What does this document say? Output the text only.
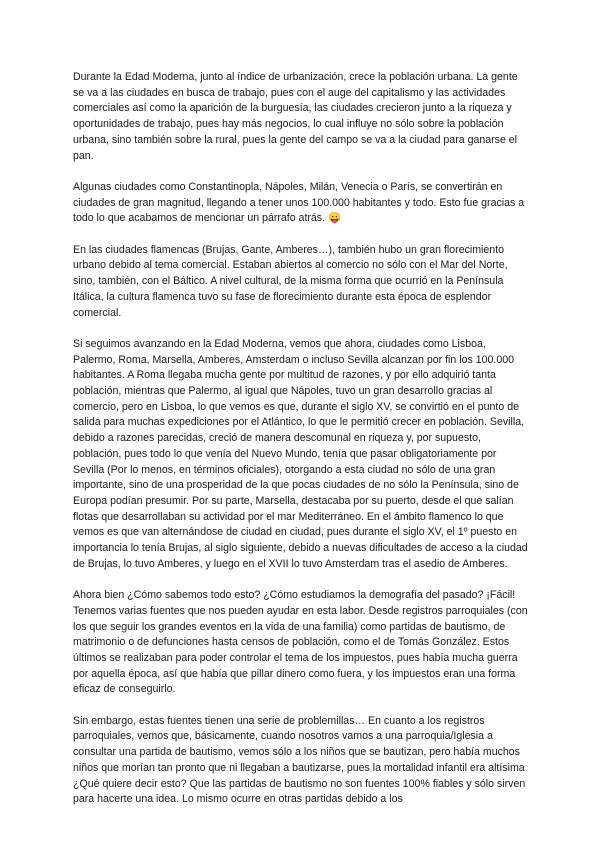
Durante la Edad Moderna, junto al índice de urbanización, crece la población urbana. La gente se va a las ciudades en busca de trabajo, pues con el auge del capitalismo y las actividades comerciales así como la aparición de la burguesía, las ciudades crecieron junto a la riqueza y oportunidades de trabajo, pues hay más negocios, lo cual influye no sólo sobre la población urbana, sino también sobre la rural, pues la gente del campo se va a la ciudad para ganarse el pan.

Algunas ciudades como Constantinopla, Nápoles, Milán, Venecia o París, se convertirán en ciudades de gran magnitud, llegando a tener unos 100.000 habitantes y todo. Esto fue gracias a todo lo que acabamos de mencionar un párrafo atrás. 😛

En las ciudades flamencas (Brujas, Gante, Amberes…), también hubo un gran florecimiento urbano debido al tema comercial. Estaban abiertos al comercio no sólo con el Mar del Norte, sino, también, con el Báltico. A nivel cultural, de la misma forma que ocurrió en la Península Itálica, la cultura flamenca tuvo su fase de florecimiento durante esta época de esplendor comercial.

Si seguimos avanzando en la Edad Moderna, vemos que ahora, ciudades como Lisboa, Palermo, Roma, Marsella, Amberes, Amsterdam o incluso Sevilla alcanzan por fin los 100.000 habitantes. A Roma llegaba mucha gente por multitud de razones, y por ello adquirió tanta población, mientras que Palermo, al igual que Nápoles, tuvo un gran desarrollo gracias al comercio, pero en Lisboa, lo que vemos es que, durante el siglo XV, se convirtió en el punto de salida para muchas expediciones por el Atlántico, lo que le permitió crecer en población. Sevilla, debido a razones parecidas, creció de manera descomunal en riqueza y, por supuesto, población, pues todo lo que venía del Nuevo Mundo, tenía que pasar obligatoriamente por Sevilla (Por lo menos, en términos oficiales), otorgando a esta ciudad no sólo de una gran importante, sino de una prosperidad de la que pocas ciudades de no sólo la Península, sino de Europa podían presumir. Por su parte, Marsella, destacaba por su puerto, desde el que salían flotas que desarrollaban su actividad por el mar Mediterráneo. En el ámbito flamenco lo que vemos es que van alternándose de ciudad en ciudad, pues durante el siglo XV, el 1º puesto en importancia lo tenía Brujas, al siglo siguiente, debido a nuevas dificultades de acceso a la ciudad de Brujas, lo tuvo Amberes, y luego en el XVII lo tuvo Amsterdam tras el asedio de Amberes.

Ahora bien ¿Cómo sabemos todo esto? ¿Cómo estudiamos la demografía del pasado? ¡Fácil! Tenemos varias fuentes que nos pueden ayudar en esta labor. Desde registros parroquiales (con los que seguir los grandes eventos en la vida de una familia) como partidas de bautismo, de matrimonio o de defunciones hasta censos de población, como el de Tomás González. Estos últimos se realizaban para poder controlar el tema de los impuestos, pues había mucha guerra por aquella época, así que había que pillar dinero como fuera, y los impuestos eran una forma eficaz de conseguirlo.

Sin embargo, estas fuentes tienen una serie de problemillas… En cuanto a los registros parroquiales, vemos que, básicamente, cuando nosotros vamos a una parroquia/Iglesia a consultar una partida de bautismo, vemos sólo a los niños que se bautizan, pero había muchos niños que morían tan pronto que ni llegaban a bautizarse, pues la mortalidad infantil era altísima ¿Qué quiere decir esto? Que las partidas de bautismo no son fuentes 100% fiables y sólo sirven para hacerte una idea. Lo mismo ocurre en otras partidas debido a los
